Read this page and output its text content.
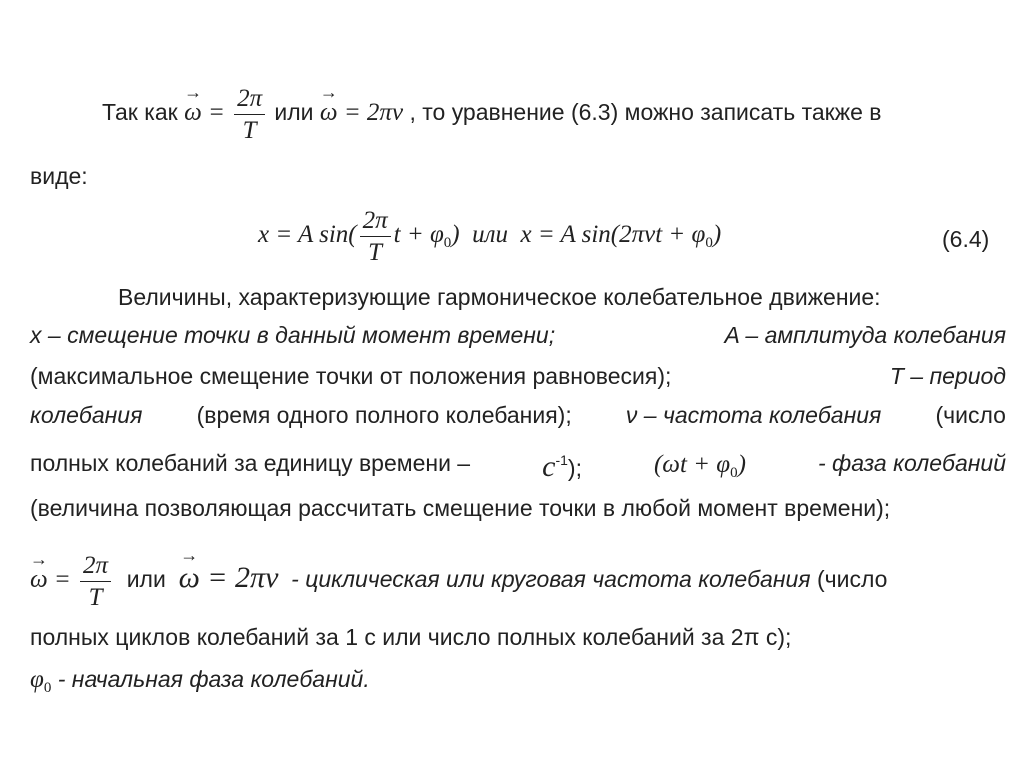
Так как → $\omega = \frac{2\pi}{T}$ или → ω = 2πν , то уравнение (6.3) можно записать также в
виде:
x = A $\sin( \frac{2\pi}{T}$ $t + \varphi_0$)  или  x = A $\sin(2\pi\nu t + \varphi_0)$	(6.4)
Величины, характеризующие гармоническое колебательное движение:
x – смещение точки в данный момент времени;	A – амплитуда колебания
(максимальное смещение точки от положения равновесия);	T – период
колебания (время одного полного колебания); ν – частота колебания (число
полных колебаний за единицу времени – $c^{-1}$);	$(\omega t + \varphi_0)$	- фаза колебаний
(величина позволяющая рассчитать смещение точки в любой момент времени);
→ $\omega = \frac{2\pi}{T}$ или → ω = 2πν - циклическая или круговая частота колебания (число
полных циклов колебаний за 1 с или число полных колебаний за 2π с);
$\varphi_0$ - начальная фаза колебаний.
